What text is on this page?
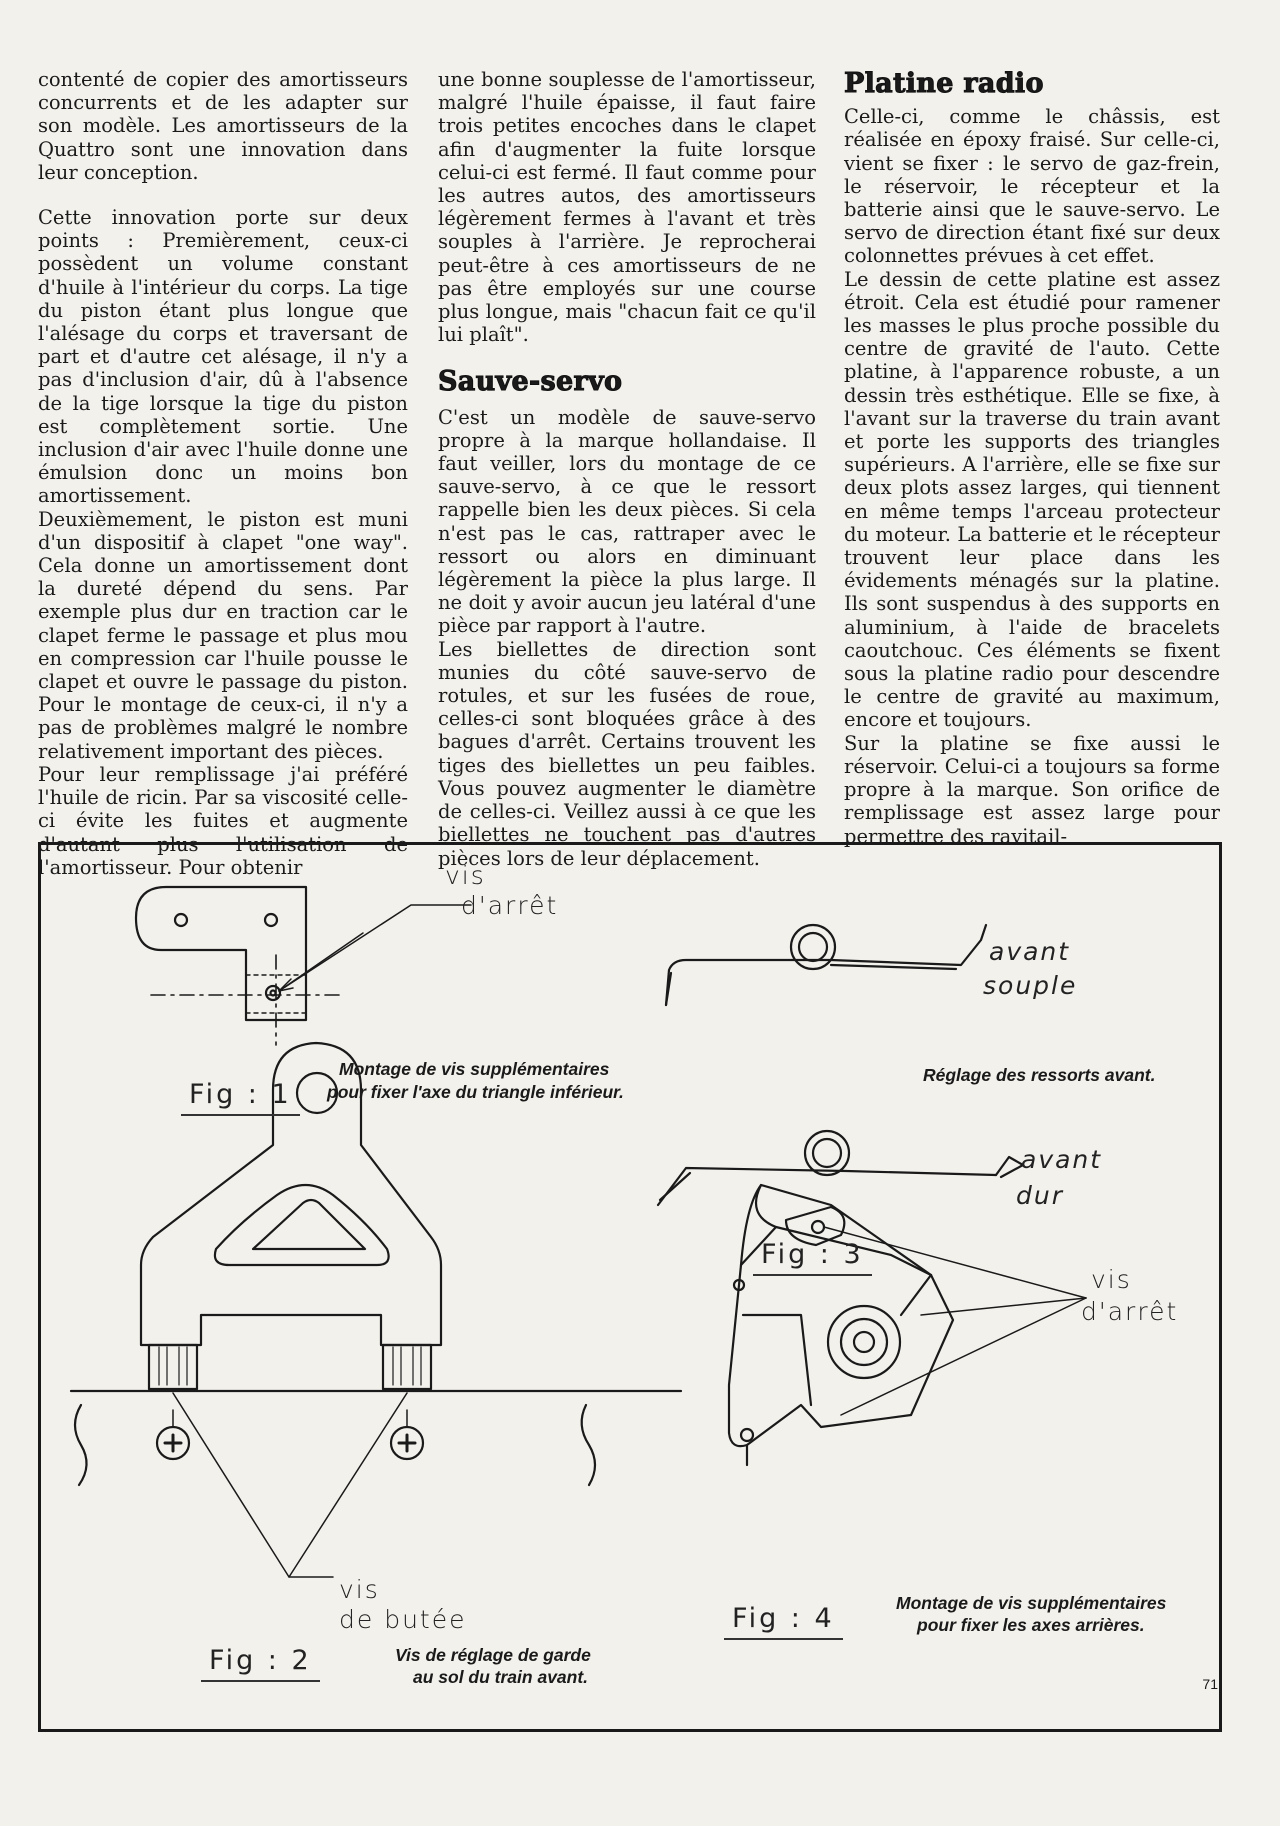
contenté de copier des amortisseurs concurrents et de les adapter sur son modèle. Les amortisseurs de la Quattro sont une innovation dans leur conception.

Cette innovation porte sur deux points : Premièrement, ceux-ci possèdent un volume constant d'huile à l'intérieur du corps. La tige du piston étant plus longue que l'alésage du corps et traversant de part et d'autre cet alésage, il n'y a pas d'inclusion d'air, dû à l'absence de la tige lorsque la tige du piston est complètement sortie. Une inclusion d'air avec l'huile donne une émulsion donc un moins bon amortissement.

Deuxièmement, le piston est muni d'un dispositif à clapet "one way". Cela donne un amortissement dont la dureté dépend du sens. Par exemple plus dur en traction car le clapet ferme le passage et plus mou en compression car l'huile pousse le clapet et ouvre le passage du piston. Pour le montage de ceux-ci, il n'y a pas de problèmes malgré le nombre relativement important des pièces.

Pour leur remplissage j'ai préféré l'huile de ricin. Par sa viscosité celle-ci évite les fuites et augmente d'autant plus l'utilisation de l'amortisseur. Pour obtenir

une bonne souplesse de l'amortisseur, malgré l'huile épaisse, il faut faire trois petites encoches dans le clapet afin d'augmenter la fuite lorsque celui-ci est fermé. Il faut comme pour les autres autos, des amortisseurs légèrement fermes à l'avant et très souples à l'arrière. Je reprocherai peut-être à ces amortisseurs de ne pas être employés sur une course plus longue, mais "chacun fait ce qu'il lui plaît".

Sauve-servo

C'est un modèle de sauve-servo propre à la marque hollandaise. Il faut veiller, lors du montage de ce sauve-servo, à ce que le ressort rappelle bien les deux pièces. Si cela n'est pas le cas, rattraper avec le ressort ou alors en diminuant légèrement la pièce la plus large. Il ne doit y avoir aucun jeu latéral d'une pièce par rapport à l'autre.

Les biellettes de direction sont munies du côté sauve-servo de rotules, et sur les fusées de roue, celles-ci sont bloquées grâce à des bagues d'arrêt. Certains trouvent les tiges des biellettes un peu faibles. Vous pouvez augmenter le diamètre de celles-ci. Veillez aussi à ce que les biellettes ne touchent pas d'autres pièces lors de leur déplacement.

Platine radio

Celle-ci, comme le châssis, est réalisée en époxy fraisé. Sur celle-ci, vient se fixer : le servo de gaz-frein, le réservoir, le récepteur et la batterie ainsi que le sauve-servo. Le servo de direction étant fixé sur deux colonnettes prévues à cet effet.

Le dessin de cette platine est assez étroit. Cela est étudié pour ramener les masses le plus proche possible du centre de gravité de l'auto. Cette platine, à l'apparence robuste, a un dessin très esthétique. Elle se fixe, à l'avant sur la traverse du train avant et porte les supports des triangles supérieurs. A l'arrière, elle se fixe sur deux plots assez larges, qui tiennent en même temps l'arceau protecteur du moteur. La batterie et le récepteur trouvent leur place dans les évidements ménagés sur la platine. Ils sont suspendus à des supports en aluminium, à l'aide de bracelets caoutchouc. Ces éléments se fixent sous la platine radio pour descendre le centre de gravité au maximum, encore et toujours.

Sur la platine se fixe aussi le réservoir. Celui-ci a toujours sa forme propre à la marque. Son orifice de remplissage est assez large pour permettre des ravitail-

vis
d'arrêt
Fig : 1
Montage de vis supplémentaires
pour fixer l'axe du triangle inférieur.
avant
souple
Réglage des ressorts avant.
avant
dur
Fig : 3
vis
d'arrêt
Montage de vis supplémentaires
pour fixer les axes arrières.
Fig : 4
vis
de butée
Fig : 2	Vis de réglage de garde
au sol du train avant.	71
